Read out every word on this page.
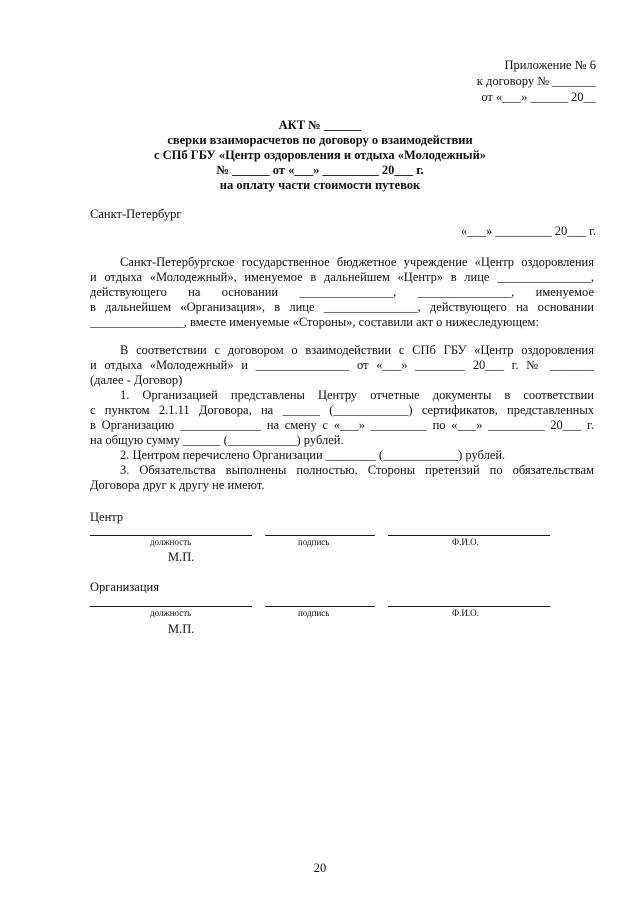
Приложение № 6
к договору № _______
от «___» ______ 20__
АКТ № ______
сверки взаиморасчетов по договору о взаимодействии
с СПб ГБУ «Центр оздоровления и отдыха «Молодежный»
№ ______ от «___» _________ 20___ г.
на оплату части стоимости путевок
Санкт-Петербург
«___» _________ 20___ г.
Санкт-Петербургское государственное бюджетное учреждение «Центр оздоровления
и отдыха «Молодежный», именуемое в дальнейшем «Центр» в лице _______________,
действующего на основании _______________, _______________, именуемое
в дальнейшем «Организация», в лице _______________, действующего на основании
_______________, вместе именуемые «Стороны», составили акт о нижеследующем:
В соответствии с договором о взаимодействии с СПб ГБУ «Центр оздоровления
и отдыха «Молодежный» и _______________ от «___» ________ 20___ г. № _______
(далее - Договор)
1. Организацией представлены Центру отчетные документы в соответствии
с пунктом 2.1.11 Договора, на ______ (____________) сертификатов, представленных
в Организацию _____________ на смену с «___» _________ по «___» _________ 20___ г.
на общую сумму ______ (___________) рублей.
2. Центром перечислено Организации ________ (____________) рублей.
3. Обязательства выполнены полностью. Стороны претензий по обязательствам
Договора друг к другу не имеют.
Центр
должность	подпись	Ф.И.О.
М.П.
Организация
должность	подпись	Ф.И.О.
М.П.
20
